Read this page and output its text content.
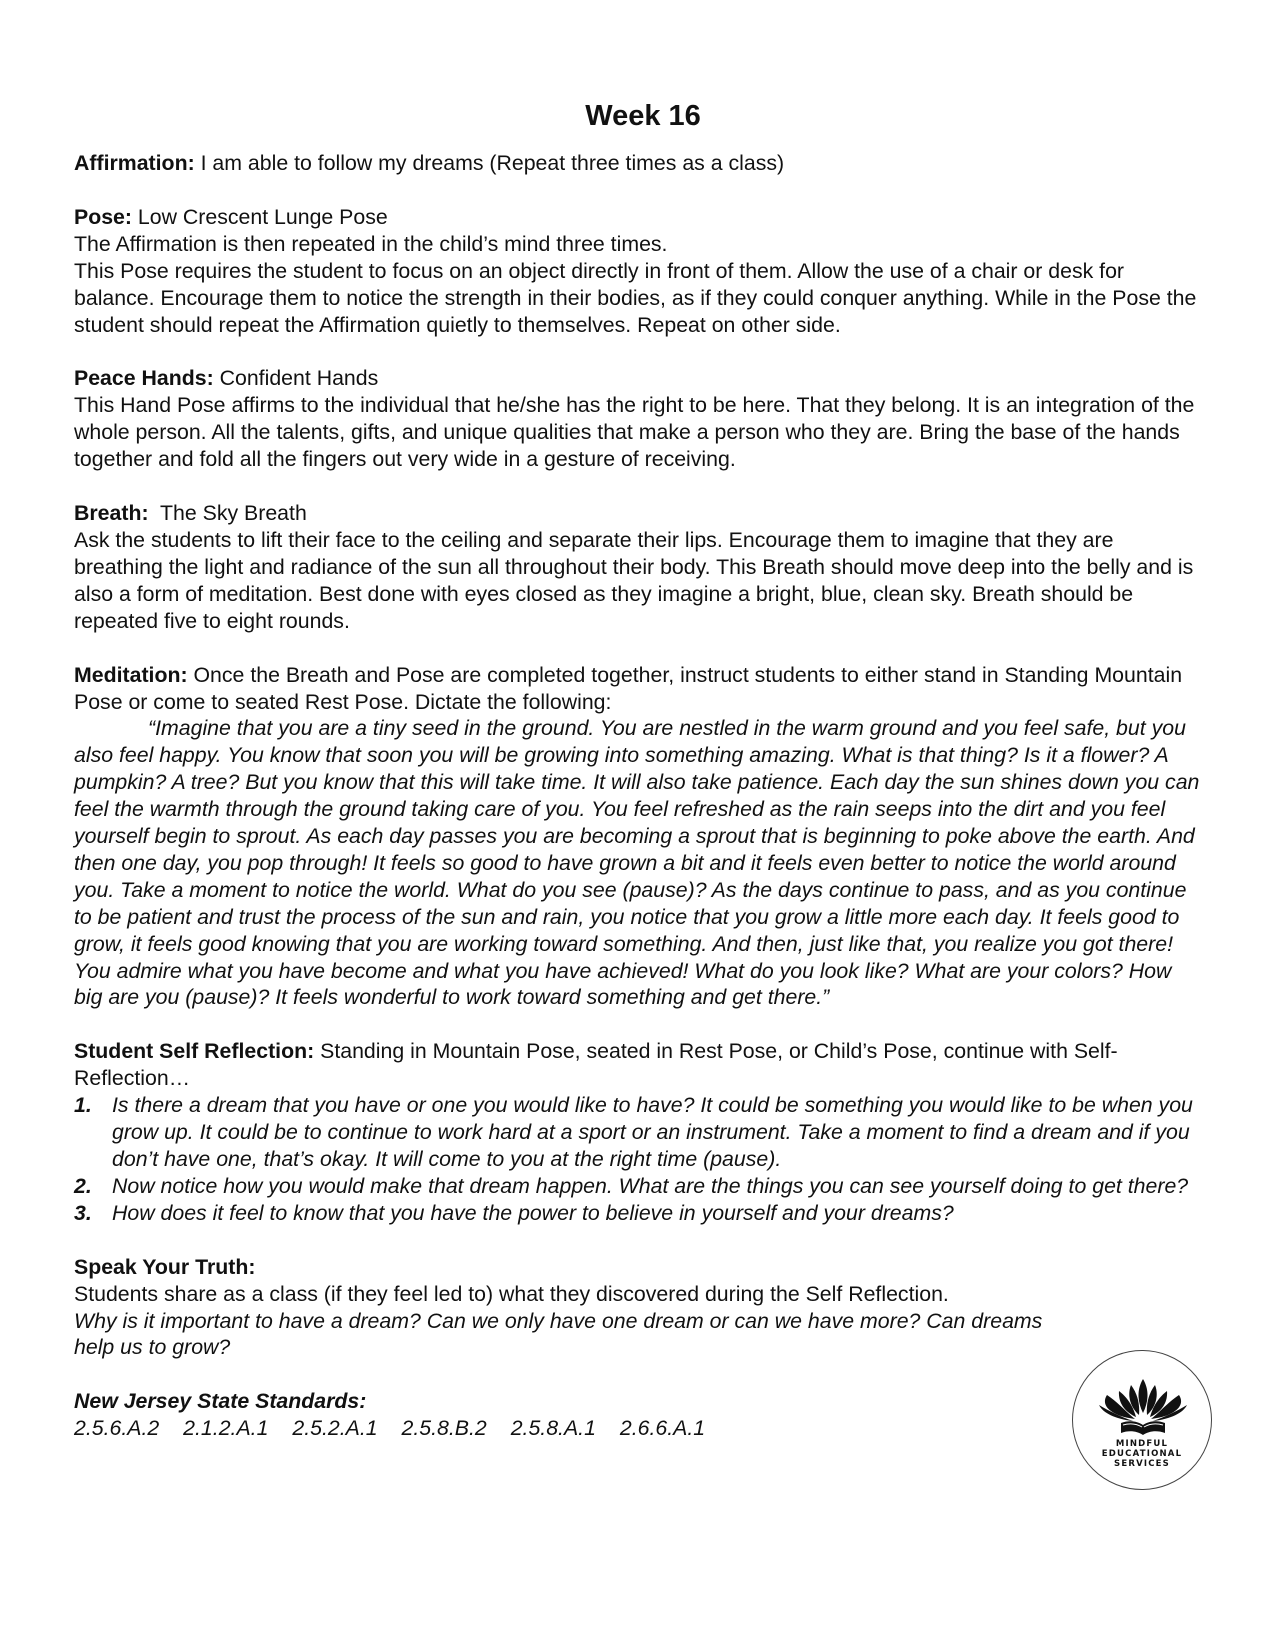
Week 16

Affirmation: I am able to follow my dreams (Repeat three times as a class)

Pose: Low Crescent Lunge Pose

The Affirmation is then repeated in the child’s mind three times.

This Pose requires the student to focus on an object directly in front of them. Allow the use of a chair or desk for balance. Encourage them to notice the strength in their bodies, as if they could conquer anything. While in the Pose the student should repeat the Affirmation quietly to themselves. Repeat on other side.

Peace Hands: Confident Hands

This Hand Pose affirms to the individual that he/she has the right to be here. That they belong. It is an integration of the whole person. All the talents, gifts, and unique qualities that make a person who they are. Bring the base of the hands together and fold all the fingers out very wide in a gesture of receiving.

Breath:  The Sky Breath

Ask the students to lift their face to the ceiling and separate their lips. Encourage them to imagine that they are breathing the light and radiance of the sun all throughout their body. This Breath should move deep into the belly and is also a form of meditation. Best done with eyes closed as they imagine a bright, blue, clean sky. Breath should be repeated five to eight rounds.

Meditation: Once the Breath and Pose are completed together, instruct students to either stand in Standing Mountain Pose or come to seated Rest Pose. Dictate the following:

“Imagine that you are a tiny seed in the ground. You are nestled in the warm ground and you feel safe, but you also feel happy. You know that soon you will be growing into something amazing. What is that thing? Is it a flower? A pumpkin? A tree? But you know that this will take time. It will also take patience. Each day the sun shines down you can feel the warmth through the ground taking care of you. You feel refreshed as the rain seeps into the dirt and you feel yourself begin to sprout. As each day passes you are becoming a sprout that is beginning to poke above the earth. And then one day, you pop through! It feels so good to have grown a bit and it feels even better to notice the world around you. Take a moment to notice the world. What do you see (pause)? As the days continue to pass, and as you continue to be patient and trust the process of the sun and rain, you notice that you grow a little more each day. It feels good to grow, it feels good knowing that you are working toward something. And then, just like that, you realize you got there! You admire what you have become and what you have achieved! What do you look like? What are your colors? How big are you (pause)? It feels wonderful to work toward something and get there.”

Student Self Reflection: Standing in Mountain Pose, seated in Rest Pose, or Child’s Pose, continue with Self-Reflection…

1. Is there a dream that you have or one you would like to have? It could be something you would like to be when you grow up. It could be to continue to work hard at a sport or an instrument. Take a moment to find a dream and if you don’t have one, that’s okay. It will come to you at the right time (pause).
2. Now notice how you would make that dream happen. What are the things you can see yourself doing to get there?
3. How does it feel to know that you have the power to believe in yourself and your dreams?

Speak Your Truth:

Students share as a class (if they feel led to) what they discovered during the Self Reflection.

Why is it important to have a dream? Can we only have one dream or can we have more? Can dreams help us to grow?

New Jersey State Standards:

2.5.6.A.2 2.1.2.A.1 2.5.2.A.1 2.5.8.B.2 2.5.8.A.1 2.6.6.A.1

MINDFUL
EDUCATIONAL
SERVICES
